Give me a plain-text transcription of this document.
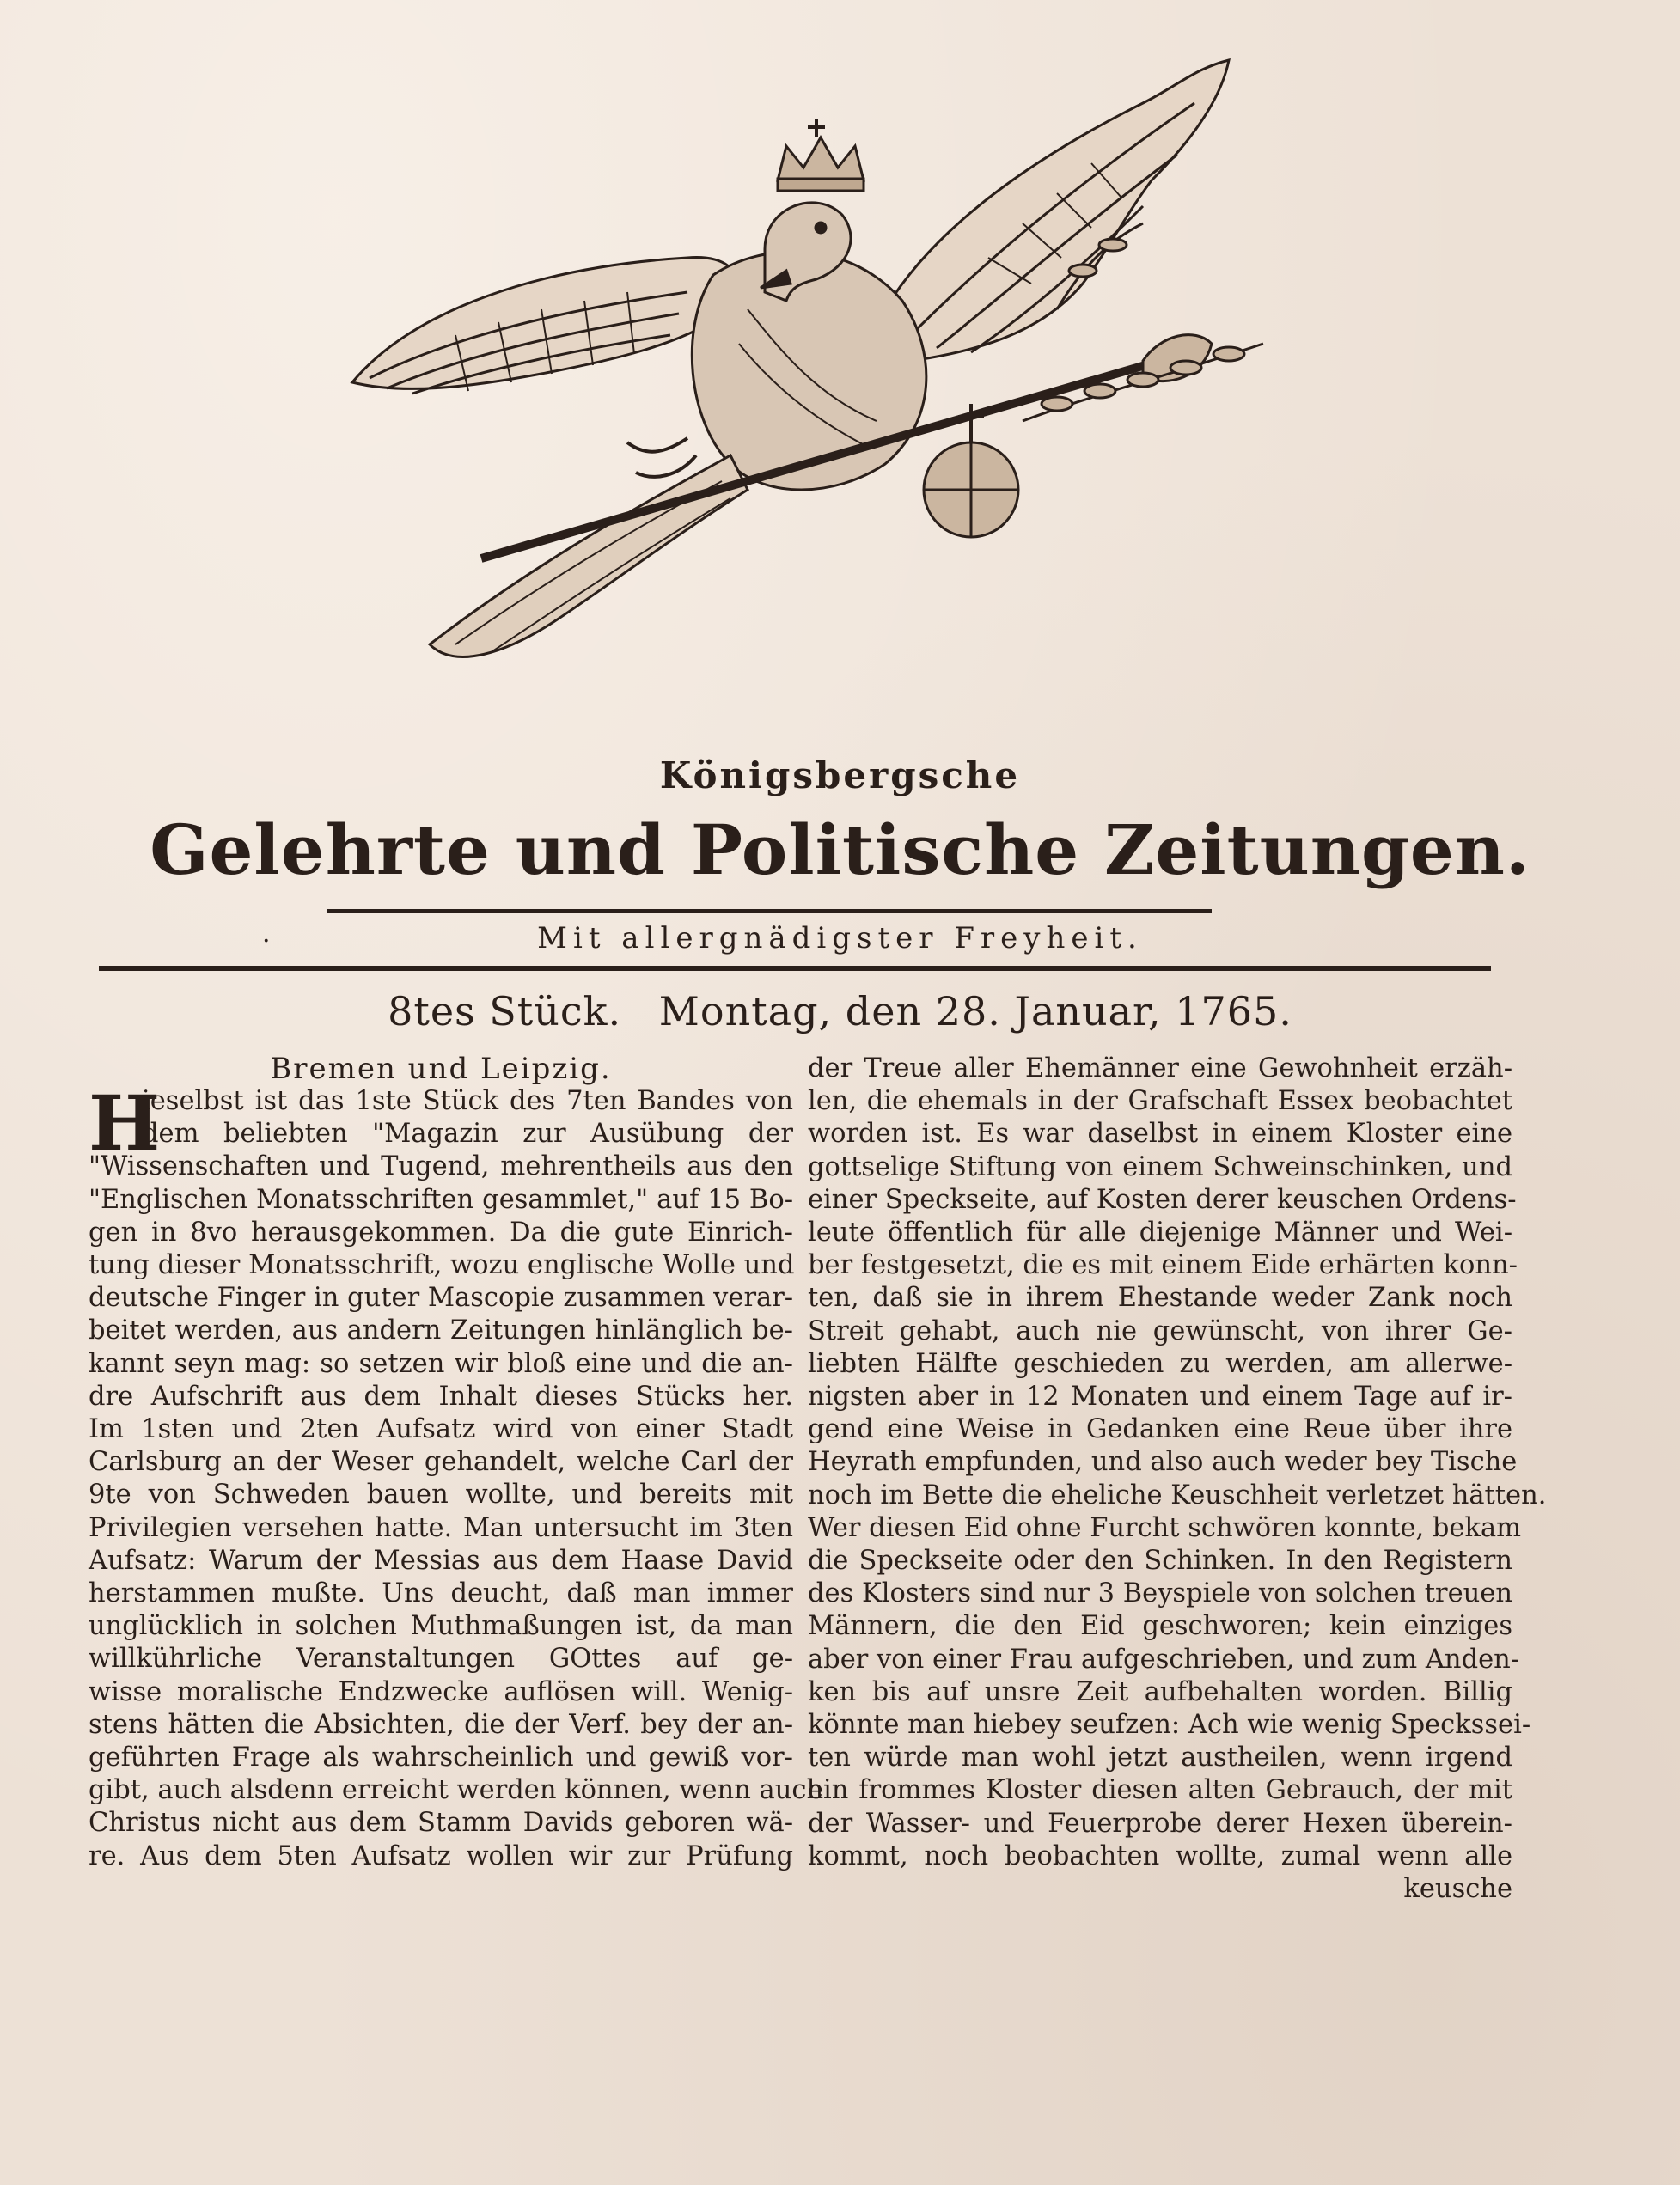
Königsbergsche
Gelehrte und Politische Zeitungen.
·	Mit allergnädigster Freyheit.
8tes Stück. Montag, den 28. Januar, 1765.
Bremen und Leipzig.
H
ieselbst ist das 1ste Stück des 7ten Bandes von
dem beliebten "Magazin zur Ausübung der
"Wissenschaften und Tugend, mehrentheils aus den
"Englischen Monatsschriften gesammlet," auf 15 Bo-
gen in 8vo herausgekommen. Da die gute Einrich-
tung dieser Monatsschrift, wozu englische Wolle und
deutsche Finger in guter Mascopie zusammen verar-
beitet werden, aus andern Zeitungen hinlänglich be-
kannt seyn mag: so setzen wir bloß eine und die an-
dre Aufschrift aus dem Inhalt dieses Stücks her.
Im 1sten und 2ten Aufsatz wird von einer Stadt
Carlsburg an der Weser gehandelt, welche Carl der
9te von Schweden bauen wollte, und bereits mit
Privilegien versehen hatte. Man untersucht im 3ten
Aufsatz: Warum der Messias aus dem Haase David
herstammen mußte. Uns deucht, daß man immer
unglücklich in solchen Muthmaßungen ist, da man
willkührliche Veranstaltungen GOttes auf ge-
wisse moralische Endzwecke auflösen will. Wenig-
stens hätten die Absichten, die der Verf. bey der an-
geführten Frage als wahrscheinlich und gewiß vor-
gibt, auch alsdenn erreicht werden können, wenn auch
Christus nicht aus dem Stamm Davids geboren wä-
re. Aus dem 5ten Aufsatz wollen wir zur Prüfung
der Treue aller Ehemänner eine Gewohnheit erzäh-
len, die ehemals in der Grafschaft Essex beobachtet
worden ist. Es war daselbst in einem Kloster eine
gottselige Stiftung von einem Schweinschinken, und
einer Speckseite, auf Kosten derer keuschen Ordens-
leute öffentlich für alle diejenige Männer und Wei-
ber festgesetzt, die es mit einem Eide erhärten konn-
ten, daß sie in ihrem Ehestande weder Zank noch
Streit gehabt, auch nie gewünscht, von ihrer Ge-
liebten Hälfte geschieden zu werden, am allerwe-
nigsten aber in 12 Monaten und einem Tage auf ir-
gend eine Weise in Gedanken eine Reue über ihre
Heyrath empfunden, und also auch weder bey Tische
noch im Bette die eheliche Keuschheit verletzet hätten.
Wer diesen Eid ohne Furcht schwören konnte, bekam
die Speckseite oder den Schinken. In den Registern
des Klosters sind nur 3 Beyspiele von solchen treuen
Männern, die den Eid geschworen; kein einziges
aber von einer Frau aufgeschrieben, und zum Anden-
ken bis auf unsre Zeit aufbehalten worden. Billig
könnte man hiebey seufzen: Ach wie wenig Speckssei-
ten würde man wohl jetzt austheilen, wenn irgend
ein frommes Kloster diesen alten Gebrauch, der mit
der Wasser- und Feuerprobe derer Hexen überein-
kommt, noch beobachten wollte, zumal wenn alle
keusche
